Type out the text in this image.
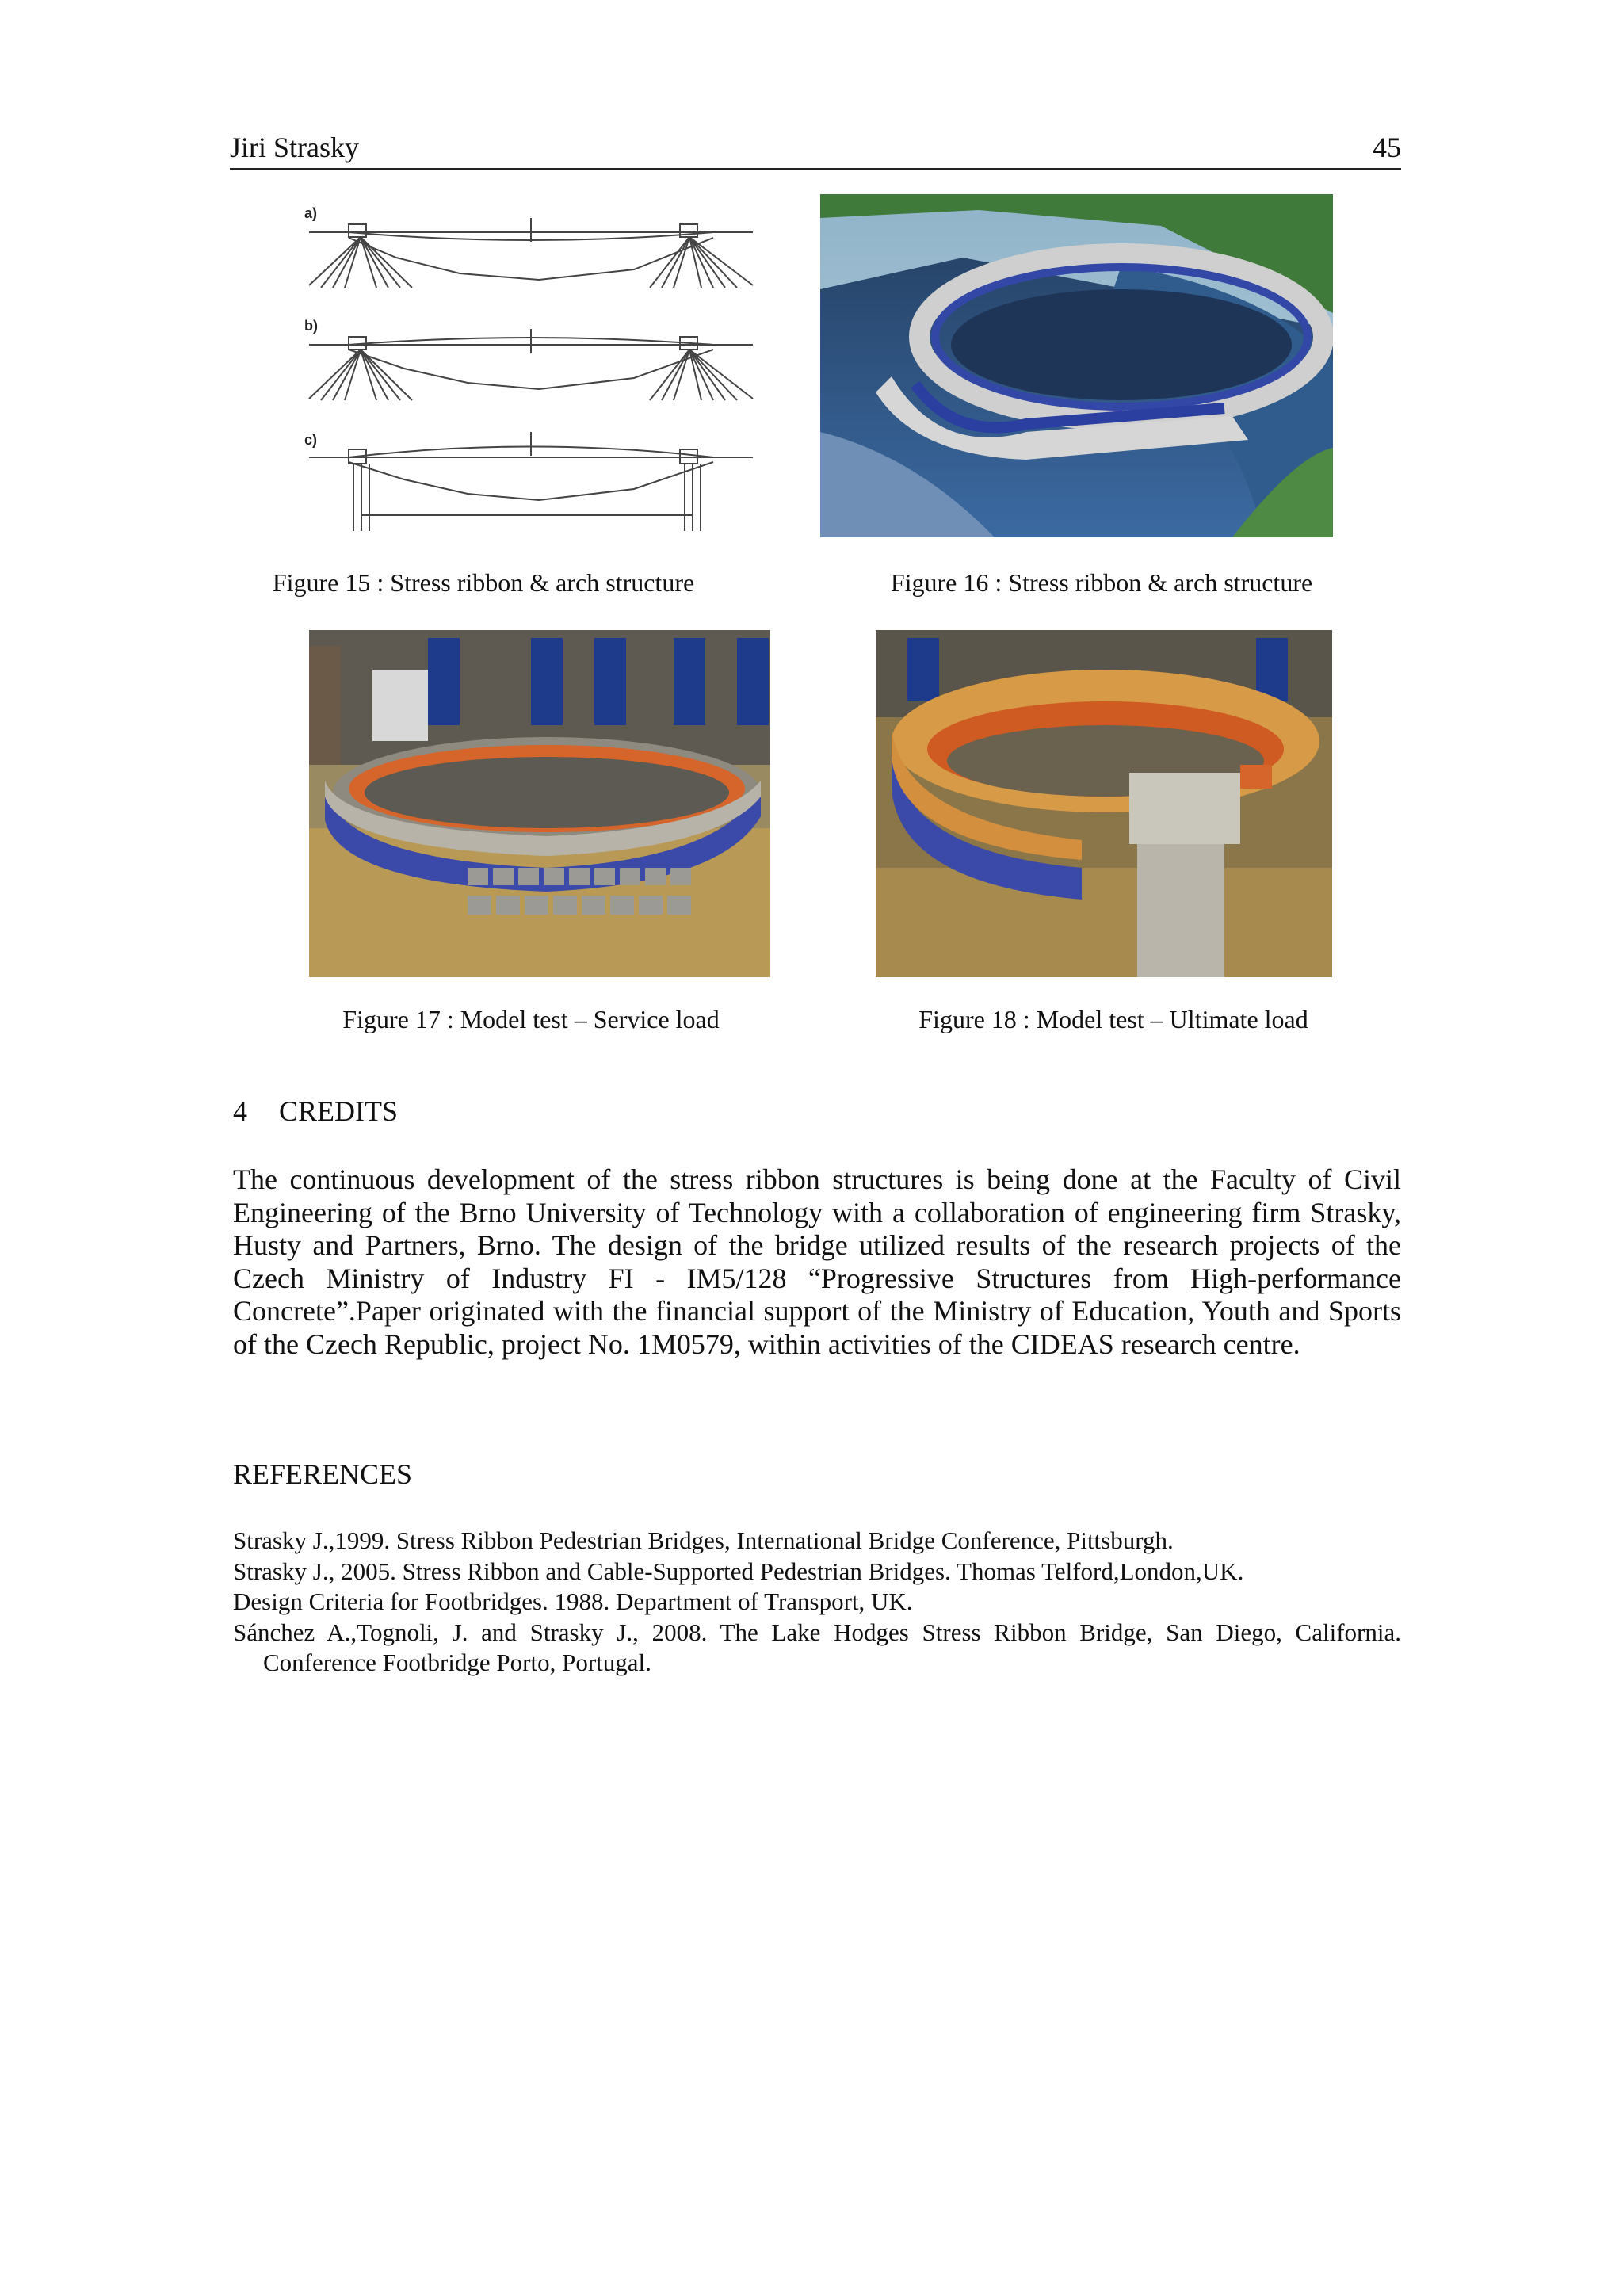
Jiri Strasky	45
a)
b)
c)
Figure 15 : Stress ribbon & arch structure	Figure 16 : Stress ribbon & arch structure
Figure 17 : Model test – Service load	Figure 18 : Model test – Ultimate load
4 CREDITS

The continuous development of the stress ribbon structures is being done at the Faculty of Civil Engineering of the Brno University of Technology with a collaboration of engineering firm Strasky, Husty and Partners, Brno. The design of the bridge utilized results of the research projects of the Czech Ministry of Industry FI - IM5/128 “Progressive Structures from High-performance Concrete”.Paper originated with the financial support of the Ministry of Education, Youth and Sports of the Czech Republic, project No. 1M0579, within activities of the CIDEAS research centre.

REFERENCES
Strasky J.,1999. Stress Ribbon Pedestrian Bridges, International Bridge Conference, Pittsburgh.
Strasky J., 2005. Stress Ribbon and Cable-Supported Pedestrian Bridges. Thomas Telford,London,UK.
Design Criteria for Footbridges. 1988. Department of Transport, UK.
Sánchez A.,Tognoli, J. and Strasky J., 2008. The Lake Hodges Stress Ribbon Bridge, San Diego, California. Conference Footbridge Porto, Portugal.
